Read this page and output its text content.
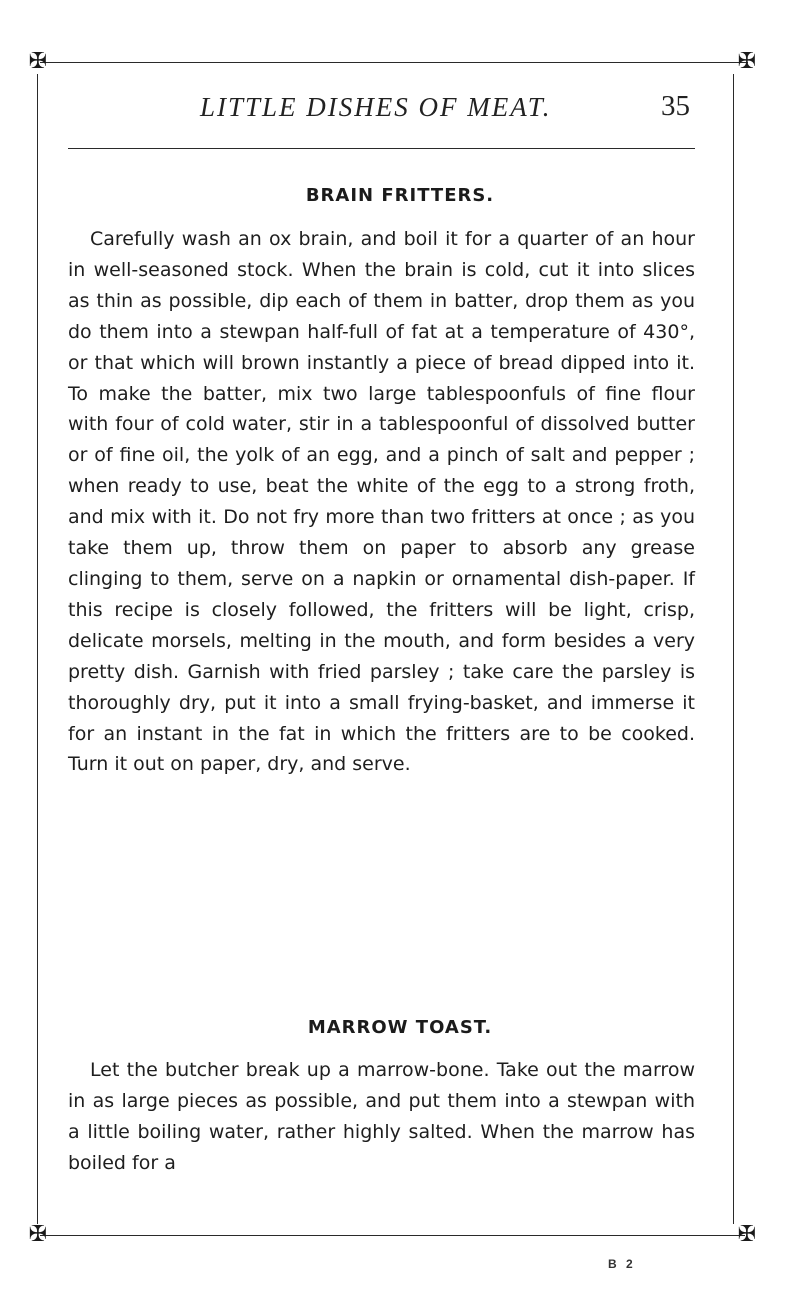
✠	✠
✠	✠
LITTLE DISHES OF MEAT.	35
BRAIN FRITTERS.
Carefully wash an ox brain, and boil it for a quarter of an hour in well-seasoned stock. When the brain is cold, cut it into slices as thin as possible, dip each of them in batter, drop them as you do them into a stewpan half-full of fat at a temperature of 430°, or that which will brown instantly a piece of bread dipped into it. To make the batter, mix two large tablespoonfuls of fine flour with four of cold water, stir in a tablespoonful of dissolved butter or of fine oil, the yolk of an egg, and a pinch of salt and pepper ; when ready to use, beat the white of the egg to a strong froth, and mix with it. Do not fry more than two fritters at once ; as you take them up, throw them on paper to absorb any grease clinging to them, serve on a napkin or ornamental dish-paper. If this recipe is closely followed, the fritters will be light, crisp, delicate morsels, melting in the mouth, and form besides a very pretty dish. Garnish with fried parsley ; take care the parsley is thoroughly dry, put it into a small frying-basket, and immerse it for an instant in the fat in which the fritters are to be cooked. Turn it out on paper, dry, and serve.
MARROW TOAST.
Let the butcher break up a marrow-bone. Take out the marrow in as large pieces as possible, and put them into a stewpan with a little boiling water, rather highly salted. When the marrow has boiled for a
B 2
